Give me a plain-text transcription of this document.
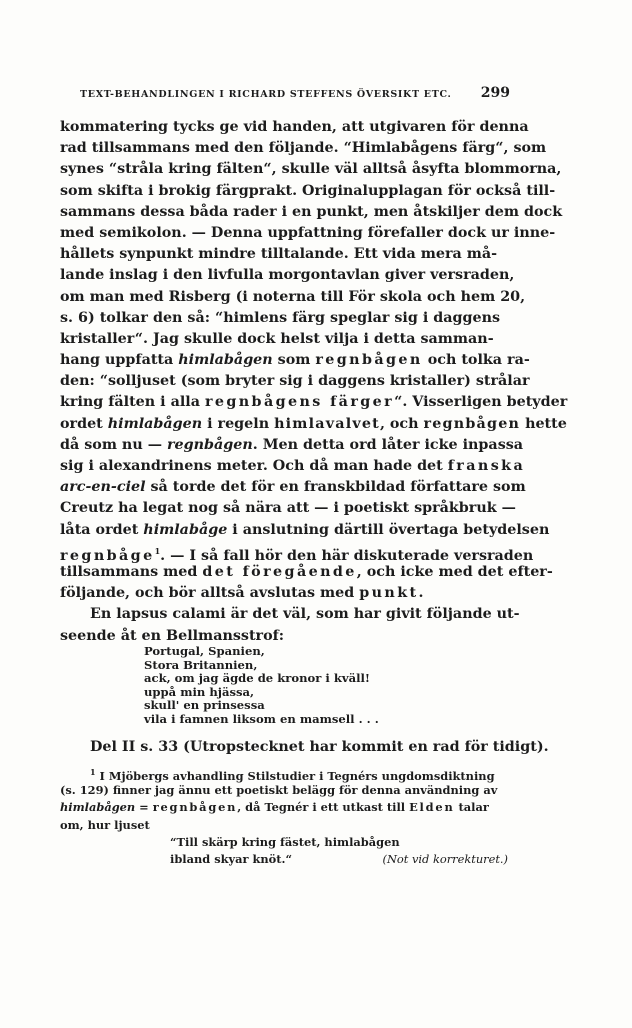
TEXT-BEHANDLINGEN I RICHARD STEFFENS ÖVERSIKT ETC. 299
kommatering tycks ge vid handen, att utgivaren för denna
rad tillsammans med den följande. “Himlabågens färg“, som
synes “stråla kring fälten“, skulle väl alltså åsyfta blommorna,
som skifta i brokig färgprakt. Originalupplagan för också till-
sammans dessa båda rader i en punkt, men åtskiljer dem dock
med semikolon. — Denna uppfattning förefaller dock ur inne-
hållets synpunkt mindre tilltalande. Ett vida mera må-
lande inslag i den livfulla morgontavlan giver versraden,
om man med Risberg (i noterna till För skola och hem 20,
s. 6) tolkar den så: “himlens färg speglar sig i daggens
kristaller“. Jag skulle dock helst vilja i detta samman-
hang uppfatta himlabågen som regnbågen och tolka ra-
den: “solljuset (som bryter sig i daggens kristaller) strålar
kring fälten i alla regnbågens färger“. Visserligen betyder
ordet himlabågen i regeln himlavalvet, och regnbågen hette
då som nu — regnbågen. Men detta ord låter icke inpassa
sig i alexandrinens meter. Och då man hade det franska
arc-en-ciel så torde det för en franskbildad författare som
Creutz ha legat nog så nära att — i poetiskt språkbruk —
låta ordet himlabåge i anslutning därtill övertaga betydelsen
regnbåge$^1$. — I så fall hör den här diskuterade versraden
tillsammans med det föregående, och icke med det efter-
följande, och bör alltså avslutas med punkt.
En lapsus calami är det väl, som har givit följande ut-
seende åt en Bellmansstrof:
Portugal, Spanien,
Stora Britannien,
ack, om jag ägde de kronor i kväll!
uppå min hjässa,
skull' en prinsessa
vila i famnen liksom en mamsell . . .
Del II s. 33 (Utropstecknet har kommit en rad för tidigt).
$^1$ I Mjöbergs avhandling Stilstudier i Tegnérs ungdomsdiktning
(s. 129) finner jag ännu ett poetiskt belägg för denna användning av
himlabågen = regnbågen, då Tegnér i ett utkast till Elden talar
om, hur ljuset
“Till skärp kring fästet, himlabågen
ibland skyar knöt.“	(Not vid korrekturet.)
